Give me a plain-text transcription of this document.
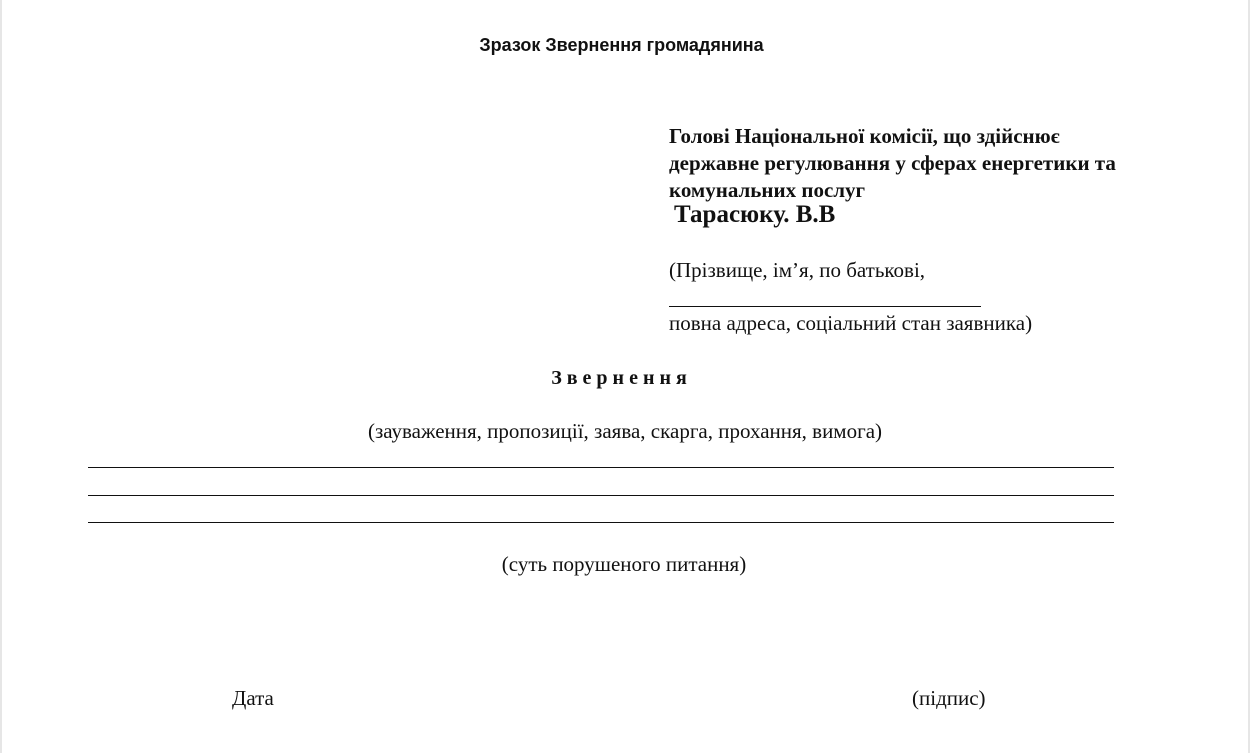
Зразок Звернення громадянина
Голові Національної комісії, що здійснює
державне регулювання у сферах енергетики та
комунальних послуг
Тарасюку. В.В
(Прізвище, ім’я, по батькові,
повна адреса, соціальний стан заявника)
Звернення
(зауваження, пропозиції, заява, скарга, прохання, вимога)
(суть порушеного питання)
Дата	(підпис)
